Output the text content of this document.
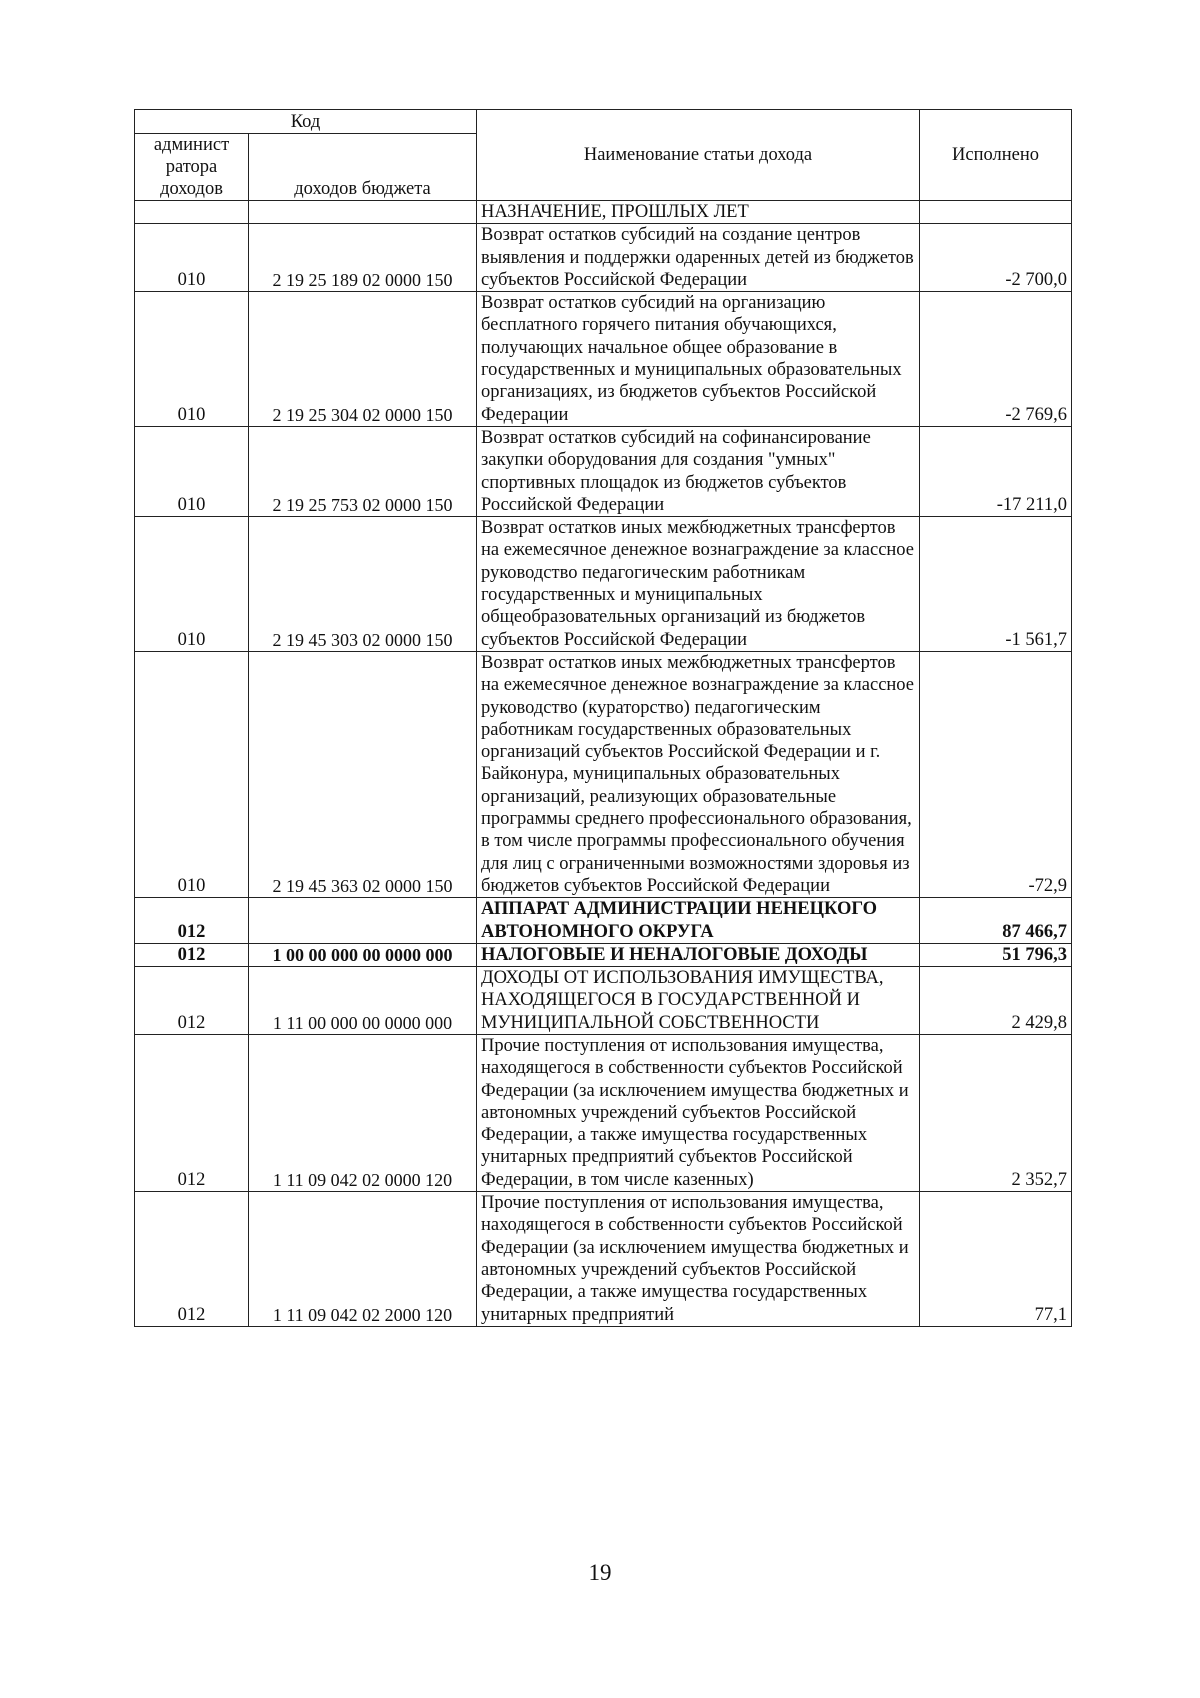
Код		Наименование статьи дохода	Исполнено
админист ратора доходов	доходов бюджета		
		НАЗНАЧЕНИЕ, ПРОШЛЫХ ЛЕТ	
010	2 19 25 189 02 0000 150	Возврат остатков субсидий на создание центров выявления и поддержки одаренных детей из бюджетов субъектов Российской Федерации	-2 700,0
010	2 19 25 304 02 0000 150	Возврат остатков субсидий на организацию бесплатного горячего питания обучающихся, получающих начальное общее образование в государственных и муниципальных образовательных организациях, из бюджетов субъектов Российской Федерации	-2 769,6
010	2 19 25 753 02 0000 150	Возврат остатков субсидий на софинансирование закупки оборудования для создания "умных" спортивных площадок из бюджетов субъектов Российской Федерации	-17 211,0
010	2 19 45 303 02 0000 150	Возврат остатков иных межбюджетных трансфертов на ежемесячное денежное вознаграждение за классное руководство педагогическим работникам государственных и муниципальных общеобразовательных организаций из бюджетов субъектов Российской Федерации	-1 561,7
010	2 19 45 363 02 0000 150	Возврат остатков иных межбюджетных трансфертов на ежемесячное денежное вознаграждение за классное руководство (кураторство) педагогическим работникам государственных образовательных организаций субъектов Российской Федерации и г. Байконура, муниципальных образовательных организаций, реализующих образовательные программы среднего профессионального образования, в том числе программы профессионального обучения для лиц с ограниченными возможностями здоровья из бюджетов субъектов Российской Федерации	-72,9
012		АППАРАТ АДМИНИСТРАЦИИ НЕНЕЦКОГО АВТОНОМНОГО ОКРУГА	87 466,7
012	1 00 00 000 00 0000 000	НАЛОГОВЫЕ И НЕНАЛОГОВЫЕ ДОХОДЫ	51 796,3
012	1 11 00 000 00 0000 000	ДОХОДЫ ОТ ИСПОЛЬЗОВАНИЯ ИМУЩЕСТВА, НАХОДЯЩЕГОСЯ В ГОСУДАРСТВЕННОЙ И МУНИЦИПАЛЬНОЙ СОБСТВЕННОСТИ	2 429,8
012	1 11 09 042 02 0000 120	Прочие поступления от использования имущества, находящегося в собственности субъектов Российской Федерации (за исключением имущества бюджетных и автономных учреждений субъектов Российской Федерации, а также имущества государственных унитарных предприятий субъектов Российской Федерации, в том числе казенных)	2 352,7
012	1 11 09 042 02 2000 120	Прочие поступления от использования имущества, находящегося в собственности субъектов Российской Федерации (за исключением имущества бюджетных и автономных учреждений субъектов Российской Федерации, а также имущества государственных унитарных предприятий	77,1
19
